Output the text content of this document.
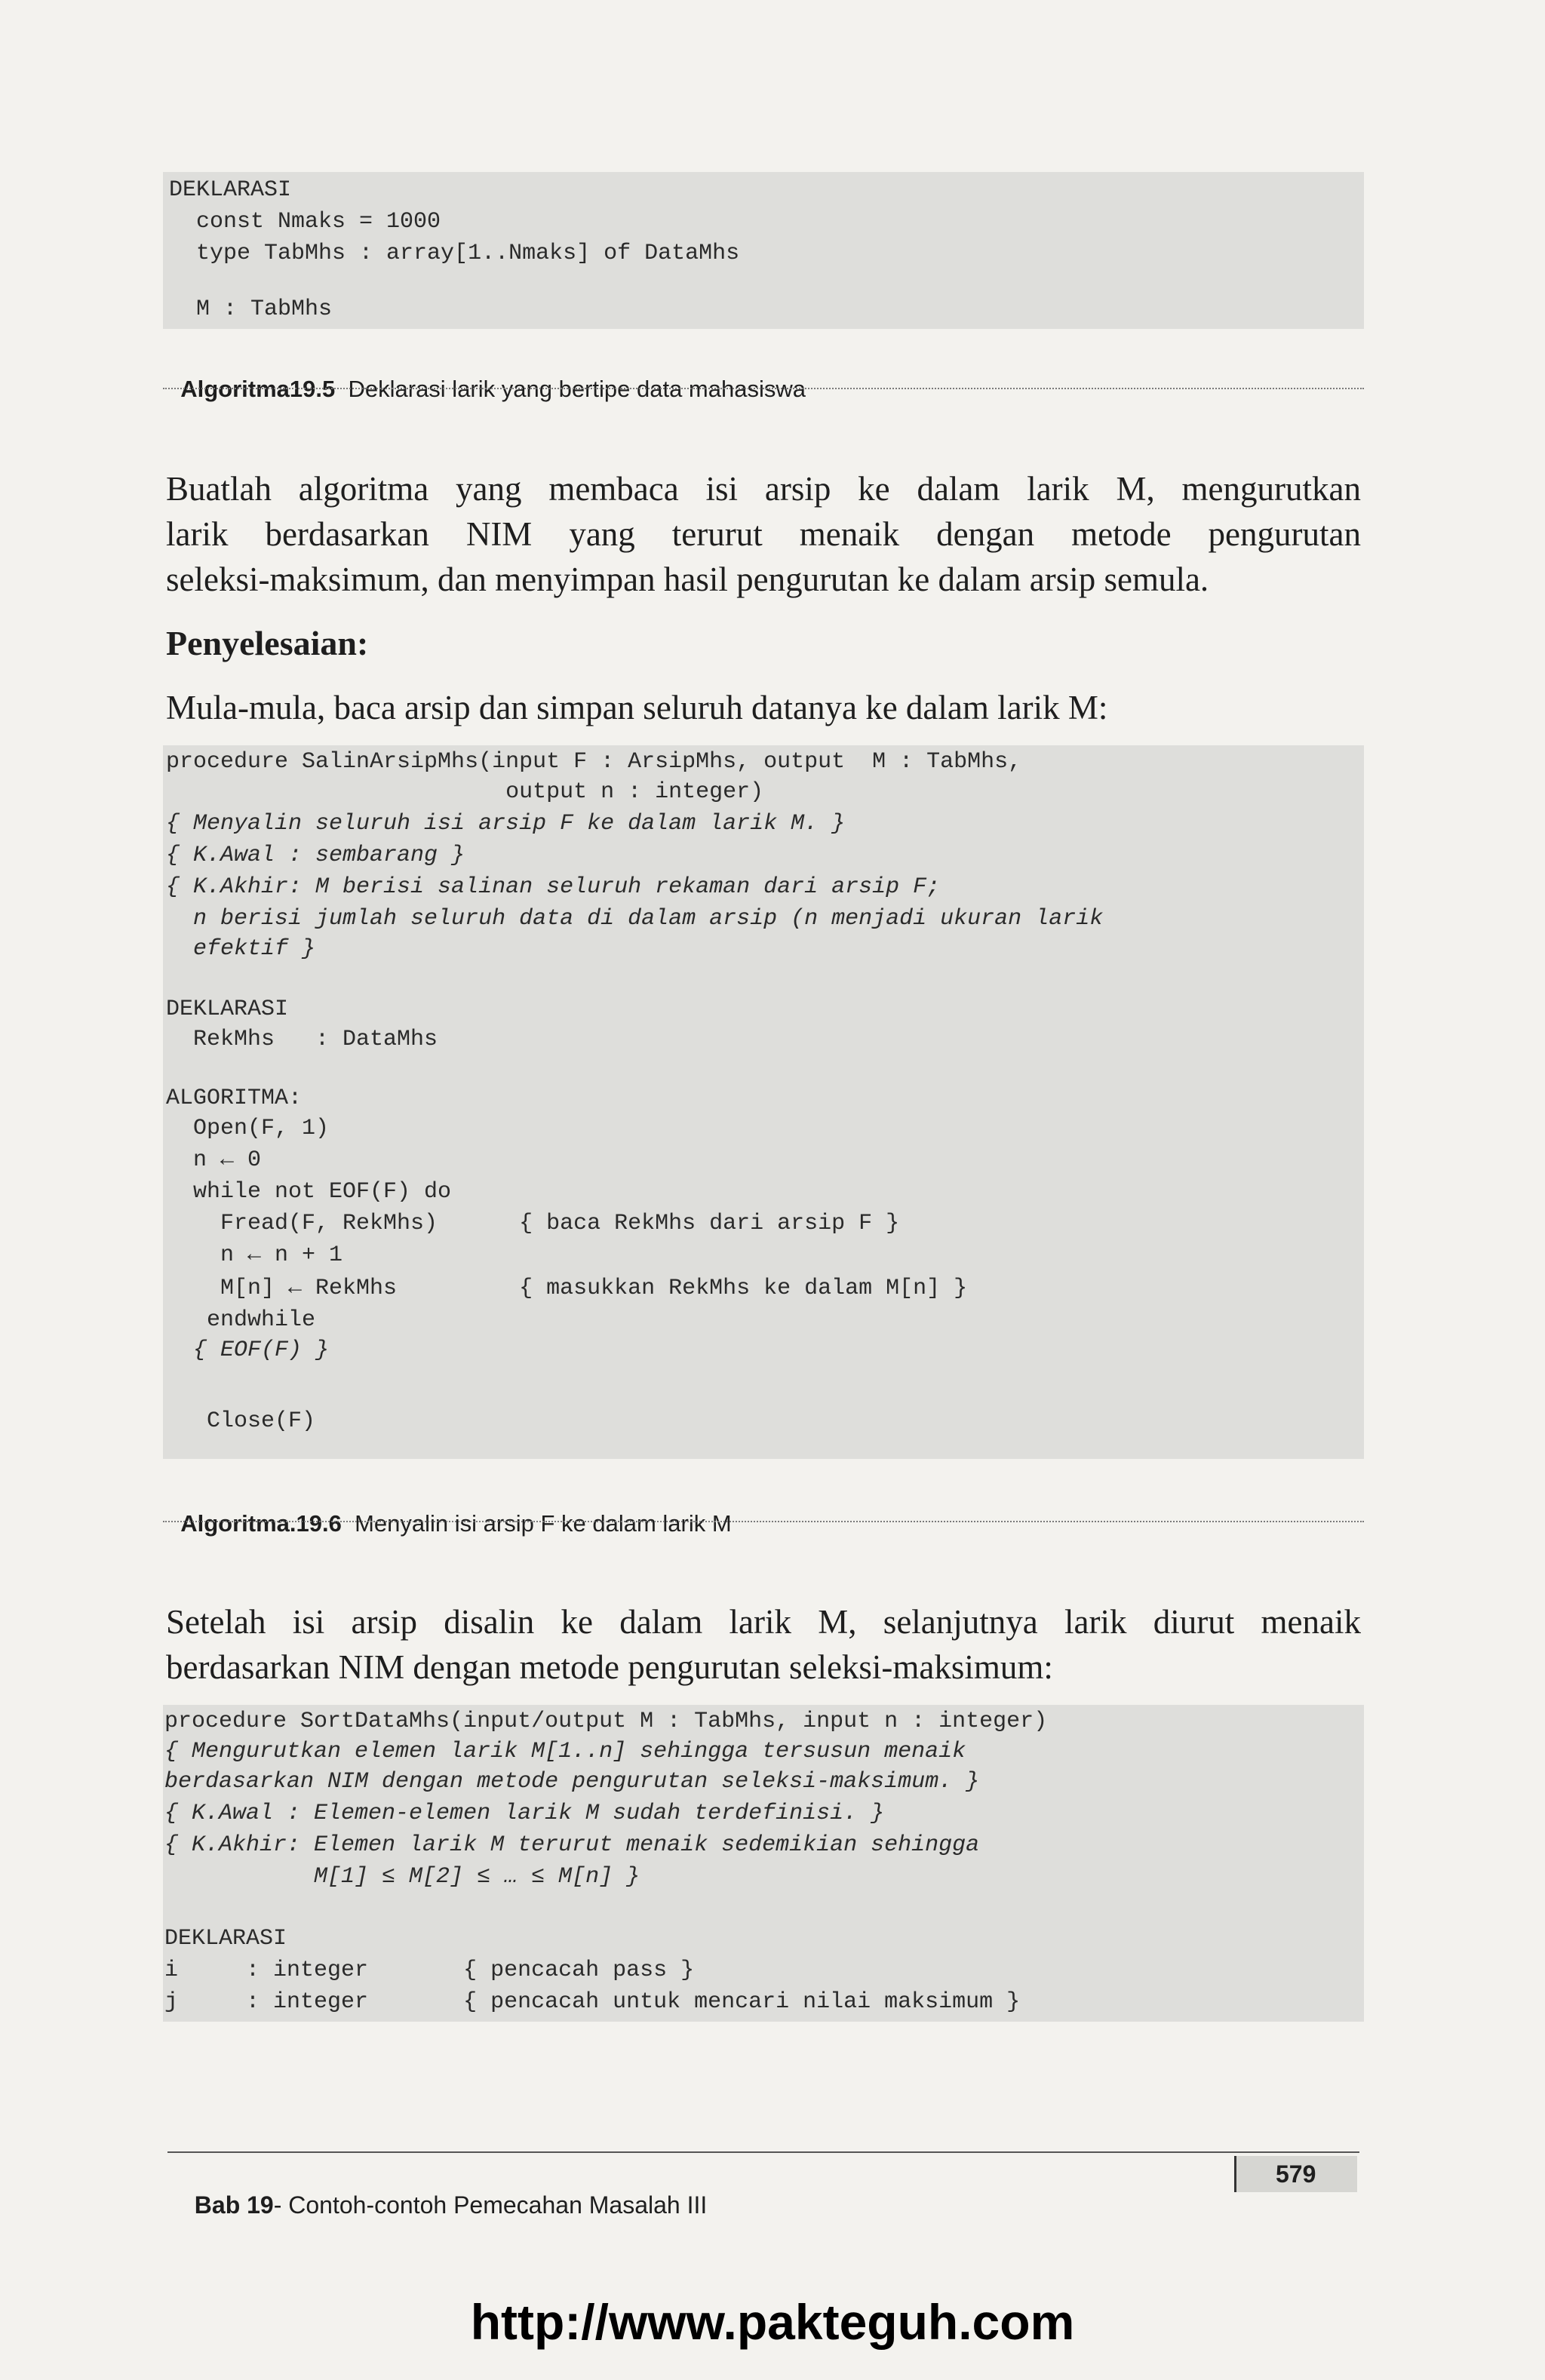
DEKLARASI
const Nmaks = 1000
type TabMhs : array[1..Nmaks] of DataMhs
M : TabMhs

Algoritma19.5 Deklarasi larik yang bertipe data mahasiswa

Buatlah algoritma yang membaca isi arsip ke dalam larik M, mengurutkan
larik berdasarkan NIM yang terurut menaik dengan metode pengurutan
seleksi-maksimum, dan menyimpan hasil pengurutan ke dalam arsip semula.
Penyelesaian:
Mula-mula, baca arsip dan simpan seluruh datanya ke dalam larik M:
procedure SalinArsipMhs(input F : ArsipMhs, output  M : TabMhs,
output n : integer)
{ Menyalin seluruh isi arsip F ke dalam larik M. }
{ K.Awal : sembarang }
{ K.Akhir: M berisi salinan seluruh rekaman dari arsip F;
n berisi jumlah seluruh data di dalam arsip (n menjadi ukuran larik
efektif }
DEKLARASI
RekMhs   : DataMhs
ALGORITMA:
Open(F, 1)
n ← 0
while not EOF(F) do
Fread(F, RekMhs)      { baca RekMhs dari arsip F }
n ← n + 1
M[n] ← RekMhs         { masukkan RekMhs ke dalam M[n] }
endwhile
{ EOF(F) }
Close(F)

Algoritma.19.6 Menyalin isi arsip F ke dalam larik M

Setelah isi arsip disalin ke dalam larik M, selanjutnya larik diurut menaik
berdasarkan NIM dengan metode pengurutan seleksi-maksimum:
procedure SortDataMhs(input/output M : TabMhs, input n : integer)
{ Mengurutkan elemen larik M[1..n] sehingga tersusun menaik
berdasarkan NIM dengan metode pengurutan seleksi-maksimum. }
{ K.Awal : Elemen-elemen larik M sudah terdefinisi. }
{ K.Akhir: Elemen larik M terurut menaik sedemikian sehingga
M[1] ≤ M[2] ≤ … ≤ M[n] }
DEKLARASI
i     : integer       { pencacah pass }
j     : integer       { pencacah untuk mencari nilai maksimum }

Bab 19- Contoh-contoh Pemecahan Masalah III

579
http://www.pakteguh.com
